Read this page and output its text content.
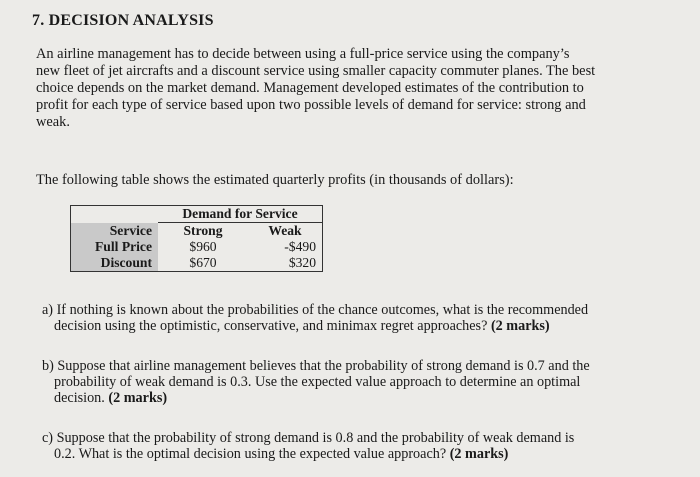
7. DECISION ANALYSIS
An airline management has to decide between using a full-price service using the company’s
new fleet of jet aircrafts and a discount service using smaller capacity commuter planes. The best
choice depends on the market demand. Management developed estimates of the contribution to
profit for each type of service based upon two possible levels of demand for service: strong and
weak.
The following table shows the estimated quarterly profits (in thousands of dollars):
	Demand for Service	
Service	Strong	Weak
Full Price	$960	-$490
Discount	$670	$320
a) If nothing is known about the probabilities of the chance outcomes, what is the recommended
decision using the optimistic, conservative, and minimax regret approaches? (2 marks)
b) Suppose that airline management believes that the probability of strong demand is 0.7 and the
probability of weak demand is 0.3. Use the expected value approach to determine an optimal
decision. (2 marks)
c) Suppose that the probability of strong demand is 0.8 and the probability of weak demand is
0.2. What is the optimal decision using the expected value approach? (2 marks)
